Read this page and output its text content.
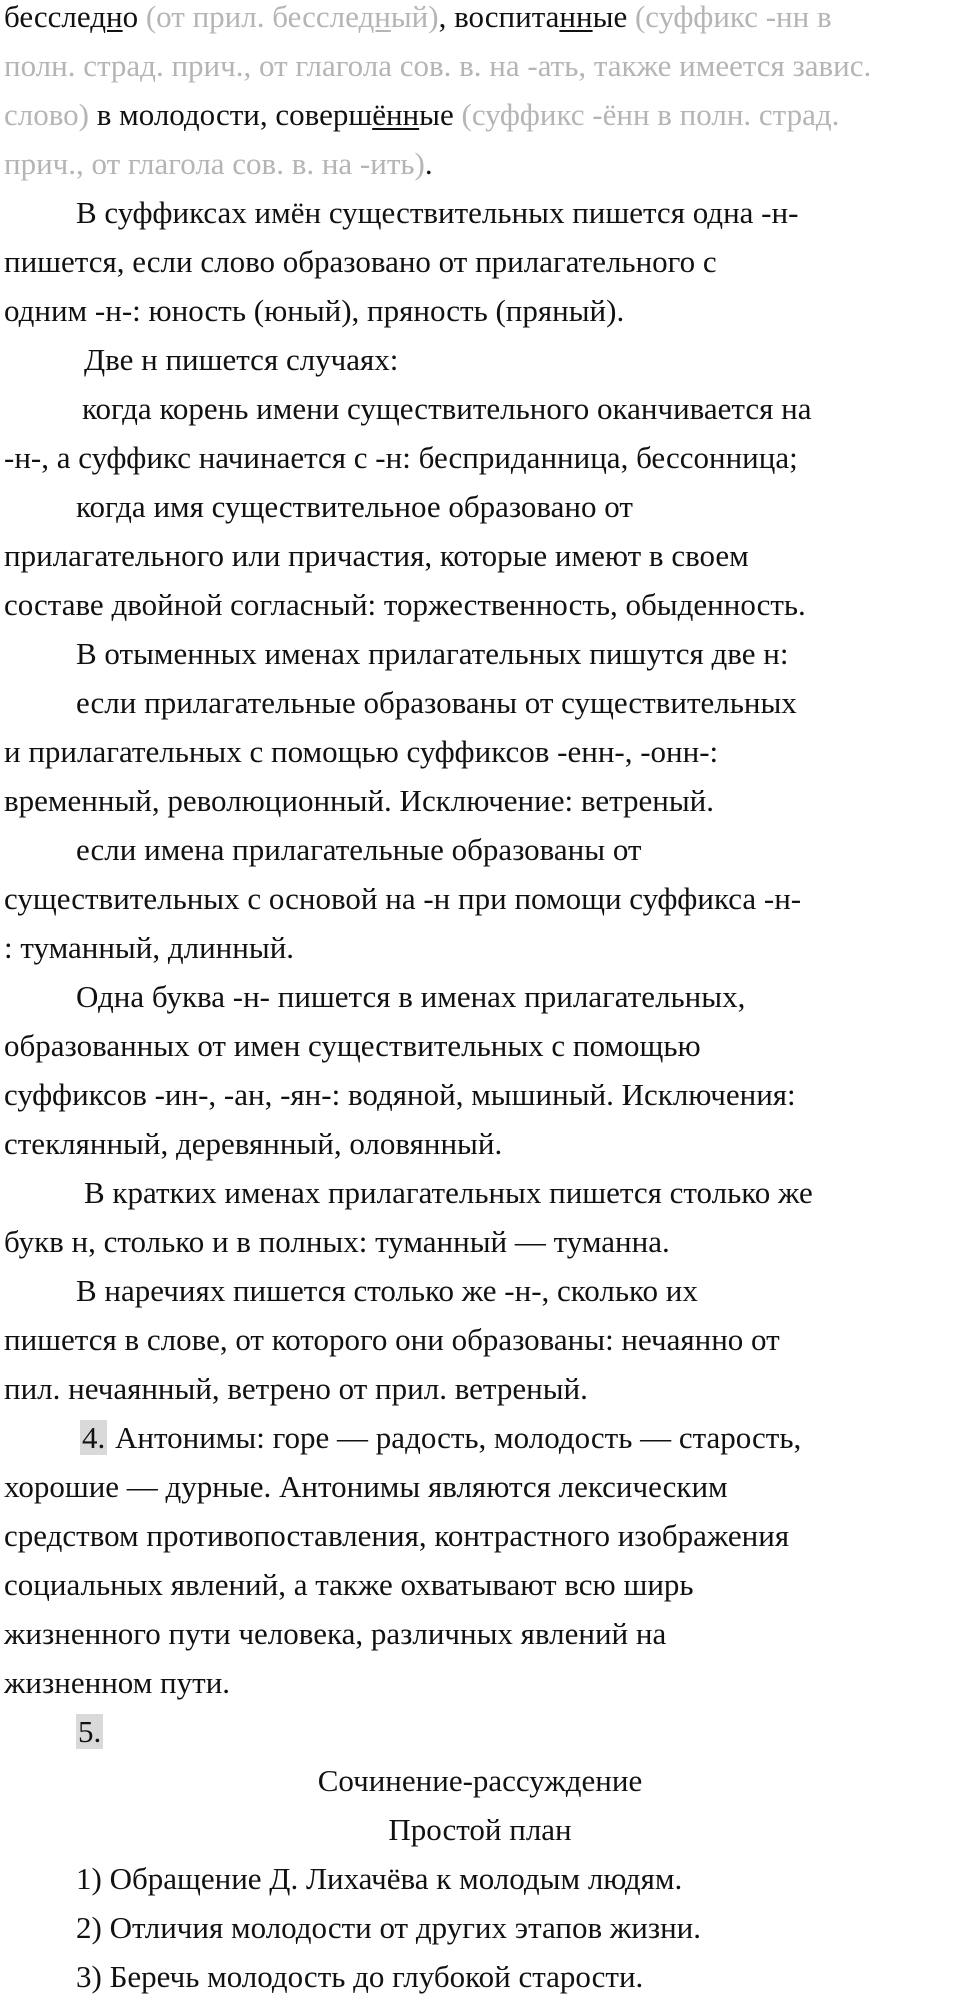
бесследно (от прил. бесследный), воспитанные (суффикс -нн в
полн. страд. прич., от глагола сов. в. на -ать, также имеется завис.
слово) в молодости, совершённые (суффикс -ённ в полн. страд.
прич., от глагола сов. в. на -ить).
В суффиксах имён существительных пишется одна -н-
пишется, если слово образовано от прилагательного с
одним -н-: юность (юный), пряность (пряный).
Две н пишется случаях:
когда корень имени существительного оканчивается на
-н-, а суффикс начинается с -н: бесприданница, бессонница;
когда имя существительное образовано от
прилагательного или причастия, которые имеют в своем
составе двойной согласный: торжественность, обыденность.
В отыменных именах прилагательных пишутся две н:
если прилагательные образованы от существительных
и прилагательных с помощью суффиксов -енн-, -онн-:
временный, революционный. Исключение: ветреный.
если имена прилагательные образованы от
существительных с основой на -н при помощи суффикса -н-
: туманный, длинный.
Одна буква -н- пишется в именах прилагательных,
образованных от имен существительных с помощью
суффиксов -ин-, -ан, -ян-: водяной, мышиный. Исключения:
стеклянный, деревянный, оловянный.
В кратких именах прилагательных пишется столько же
букв н, столько и в полных: туманный — туманна.
В наречиях пишется столько же -н-, сколько их
пишется в слове, от которого они образованы: нечаянно от
пил. нечаянный, ветрено от прил. ветреный.
4. Антонимы: горе — радость, молодость — старость,
хорошие — дурные. Антонимы являются лексическим
средством противопоставления, контрастного изображения
социальных явлений, а также охватывают всю ширь
жизненного пути человека, различных явлений на
жизненном пути.
5.
Сочинение-рассуждение
Простой план
1) Обращение Д. Лихачёва к молодым людям.
2) Отличия молодости от других этапов жизни.
3) Беречь молодость до глубокой старости.
